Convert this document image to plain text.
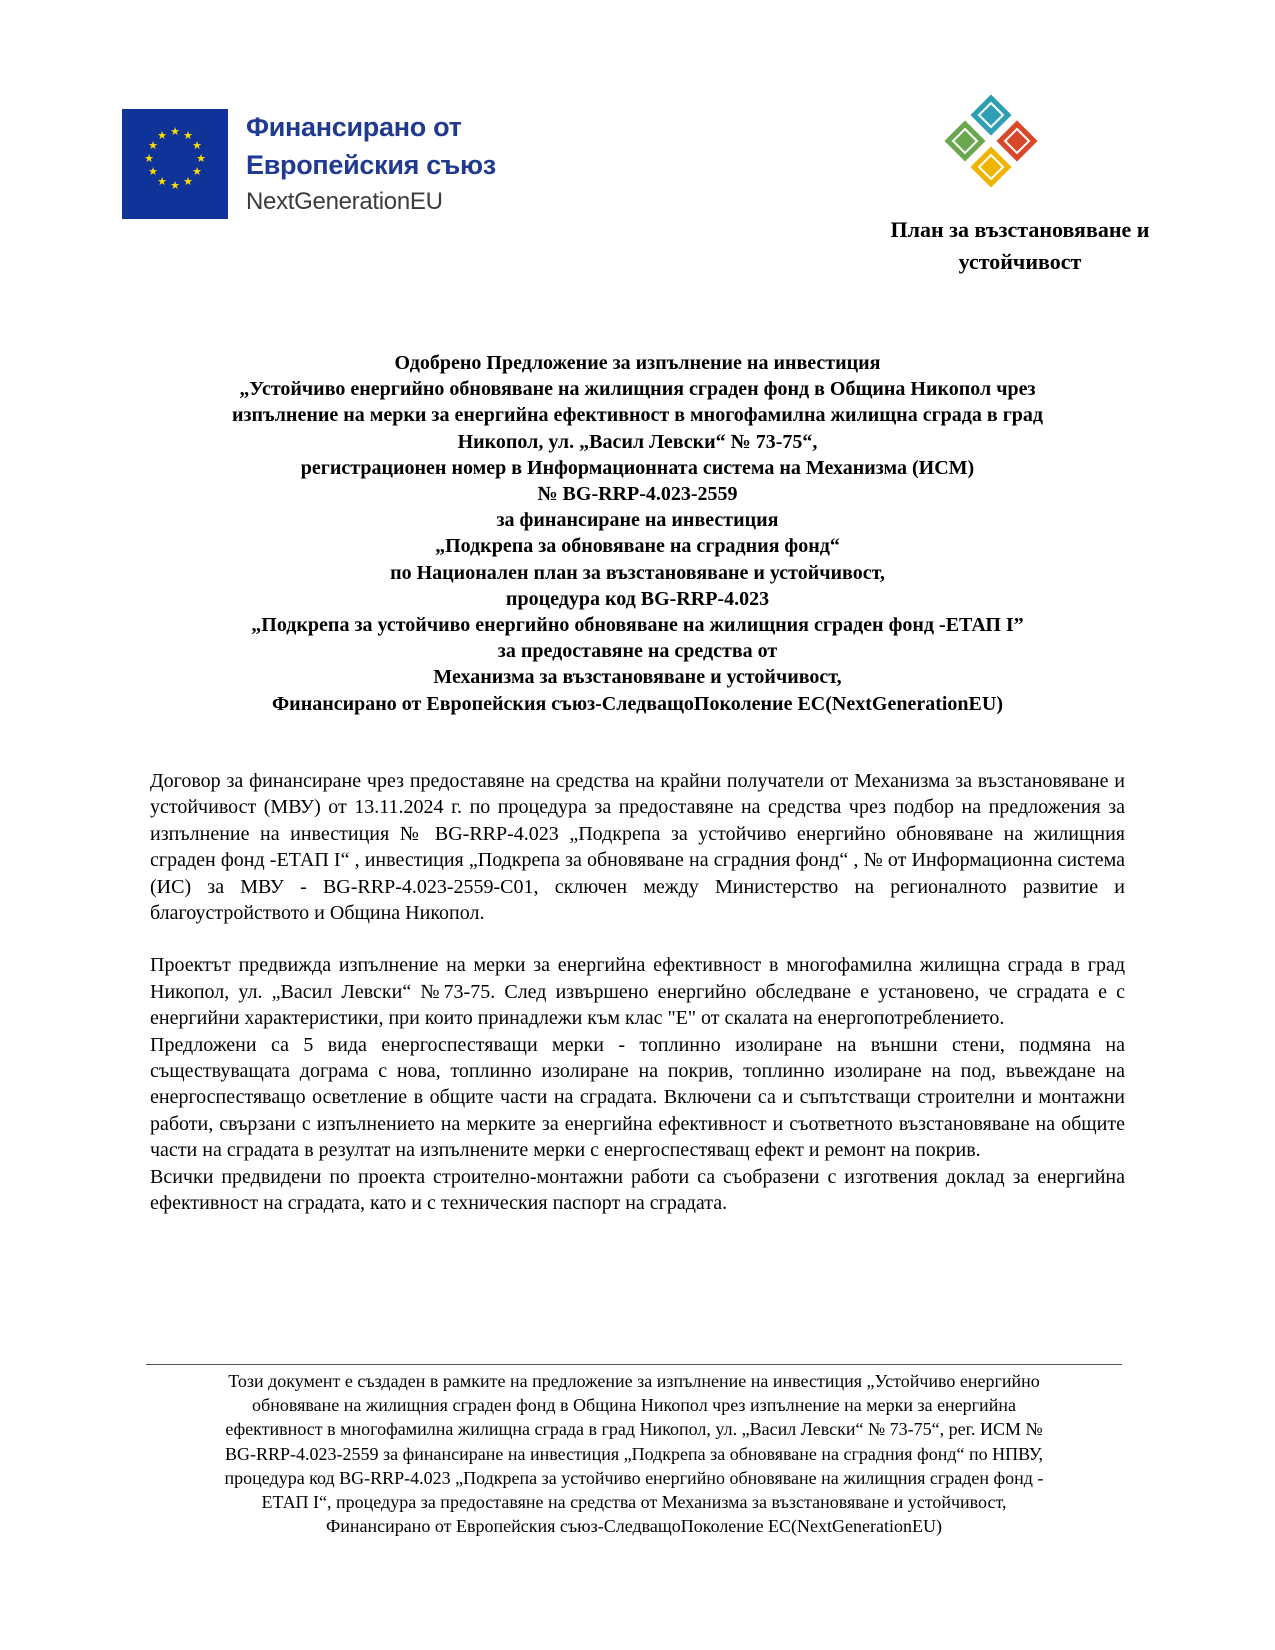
★ ★
★
★
★
★
★
★
★
★
★
★	Финансирано от
Европейския съюз
NextGenerationEU
План за възстановяване и устойчивост
Одобрено Предложение за изпълнение на инвестиция
„Устойчиво енергийно обновяване на жилищния сграден фонд в Община Никопол чрез
изпълнение на мерки за енергийна ефективност в многофамилна жилищна сграда в град
Никопол, ул. „Васил Левски“ № 73-75“,
регистрационен номер в Информационната система на Механизма (ИСМ)
№ BG-RRP-4.023-2559
за финансиране на инвестиция
„Подкрепа за обновяване на сградния фонд“
по Национален план за възстановяване и устойчивост,
процедура код BG-RRP-4.023
„Подкрепа за устойчиво енергийно обновяване на жилищния сграден фонд -ЕТАП I”
за предоставяне на средства от
Механизма за възстановяване и устойчивост,
Финансирано от Европейския съюз-СледващоПоколение ЕС(NextGenerationEU)

Договор за финансиране чрез предоставяне на средства на крайни получатели от Механизма за възстановяване и устойчивост (МВУ) от 13.11.2024 г. по процедура за предоставяне на средства чрез подбор на предложения за изпълнение на инвестиция № BG-RRP-4.023 „Подкрепа за устойчиво енергийно обновяване на жилищния сграден фонд -ЕТАП I“ , инвестиция „Подкрепа за обновяване на сградния фонд“ , № от Информационна система (ИС) за МВУ - BG-RRP-4.023-2559-C01, сключен между Министерство на регионалното развитие и благоустройството и Община Никопол.

Проектът предвижда изпълнение на мерки за енергийна ефективност в многофамилна жилищна сграда в град Никопол, ул. „Васил Левски“ №73-75. След извършено енергийно обследване е установено, че сградата е с енергийни характеристики, при които принадлежи към клас "Е" от скалата на енергопотреблението.

Предложени са 5 вида енергоспестяващи мерки - топлинно изолиране на външни стени, подмяна на съществуващата дограма с нова, топлинно изолиране на покрив, топлинно изолиране на под, въвеждане на енергоспестяващо осветление в общите части на сградата. Включени са и съпътстващи строителни и монтажни работи, свързани с изпълнението на мерките за енергийна ефективност и съответното възстановяване на общите части на сградата в резултат на изпълнените мерки с енергоспестяващ ефект и ремонт на покрив.

Всички предвидени по проекта строително-монтажни работи са съобразени с изготвения доклад за енергийна ефективност на сградата, като и с техническия паспорт на сградата.

Този документ е създаден в рамките на предложение за изпълнение на инвестиция „Устойчиво енергийно
обновяване на жилищния сграден фонд в Община Никопол чрез изпълнение на мерки за енергийна
ефективност в многофамилна жилищна сграда в град Никопол, ул. „Васил Левски“ № 73-75“, рег. ИСМ №
BG-RRP-4.023-2559 за финансиране на инвестиция „Подкрепа за обновяване на сградния фонд“ по НПВУ,
процедура код BG-RRP-4.023 „Подкрепа за устойчиво енергийно обновяване на жилищния сграден фонд -
ЕТАП I“, процедура за предоставяне на средства от Механизма за възстановяване и устойчивост,
Финансирано от Европейския съюз-СледващоПоколение ЕС(NextGenerationEU)
